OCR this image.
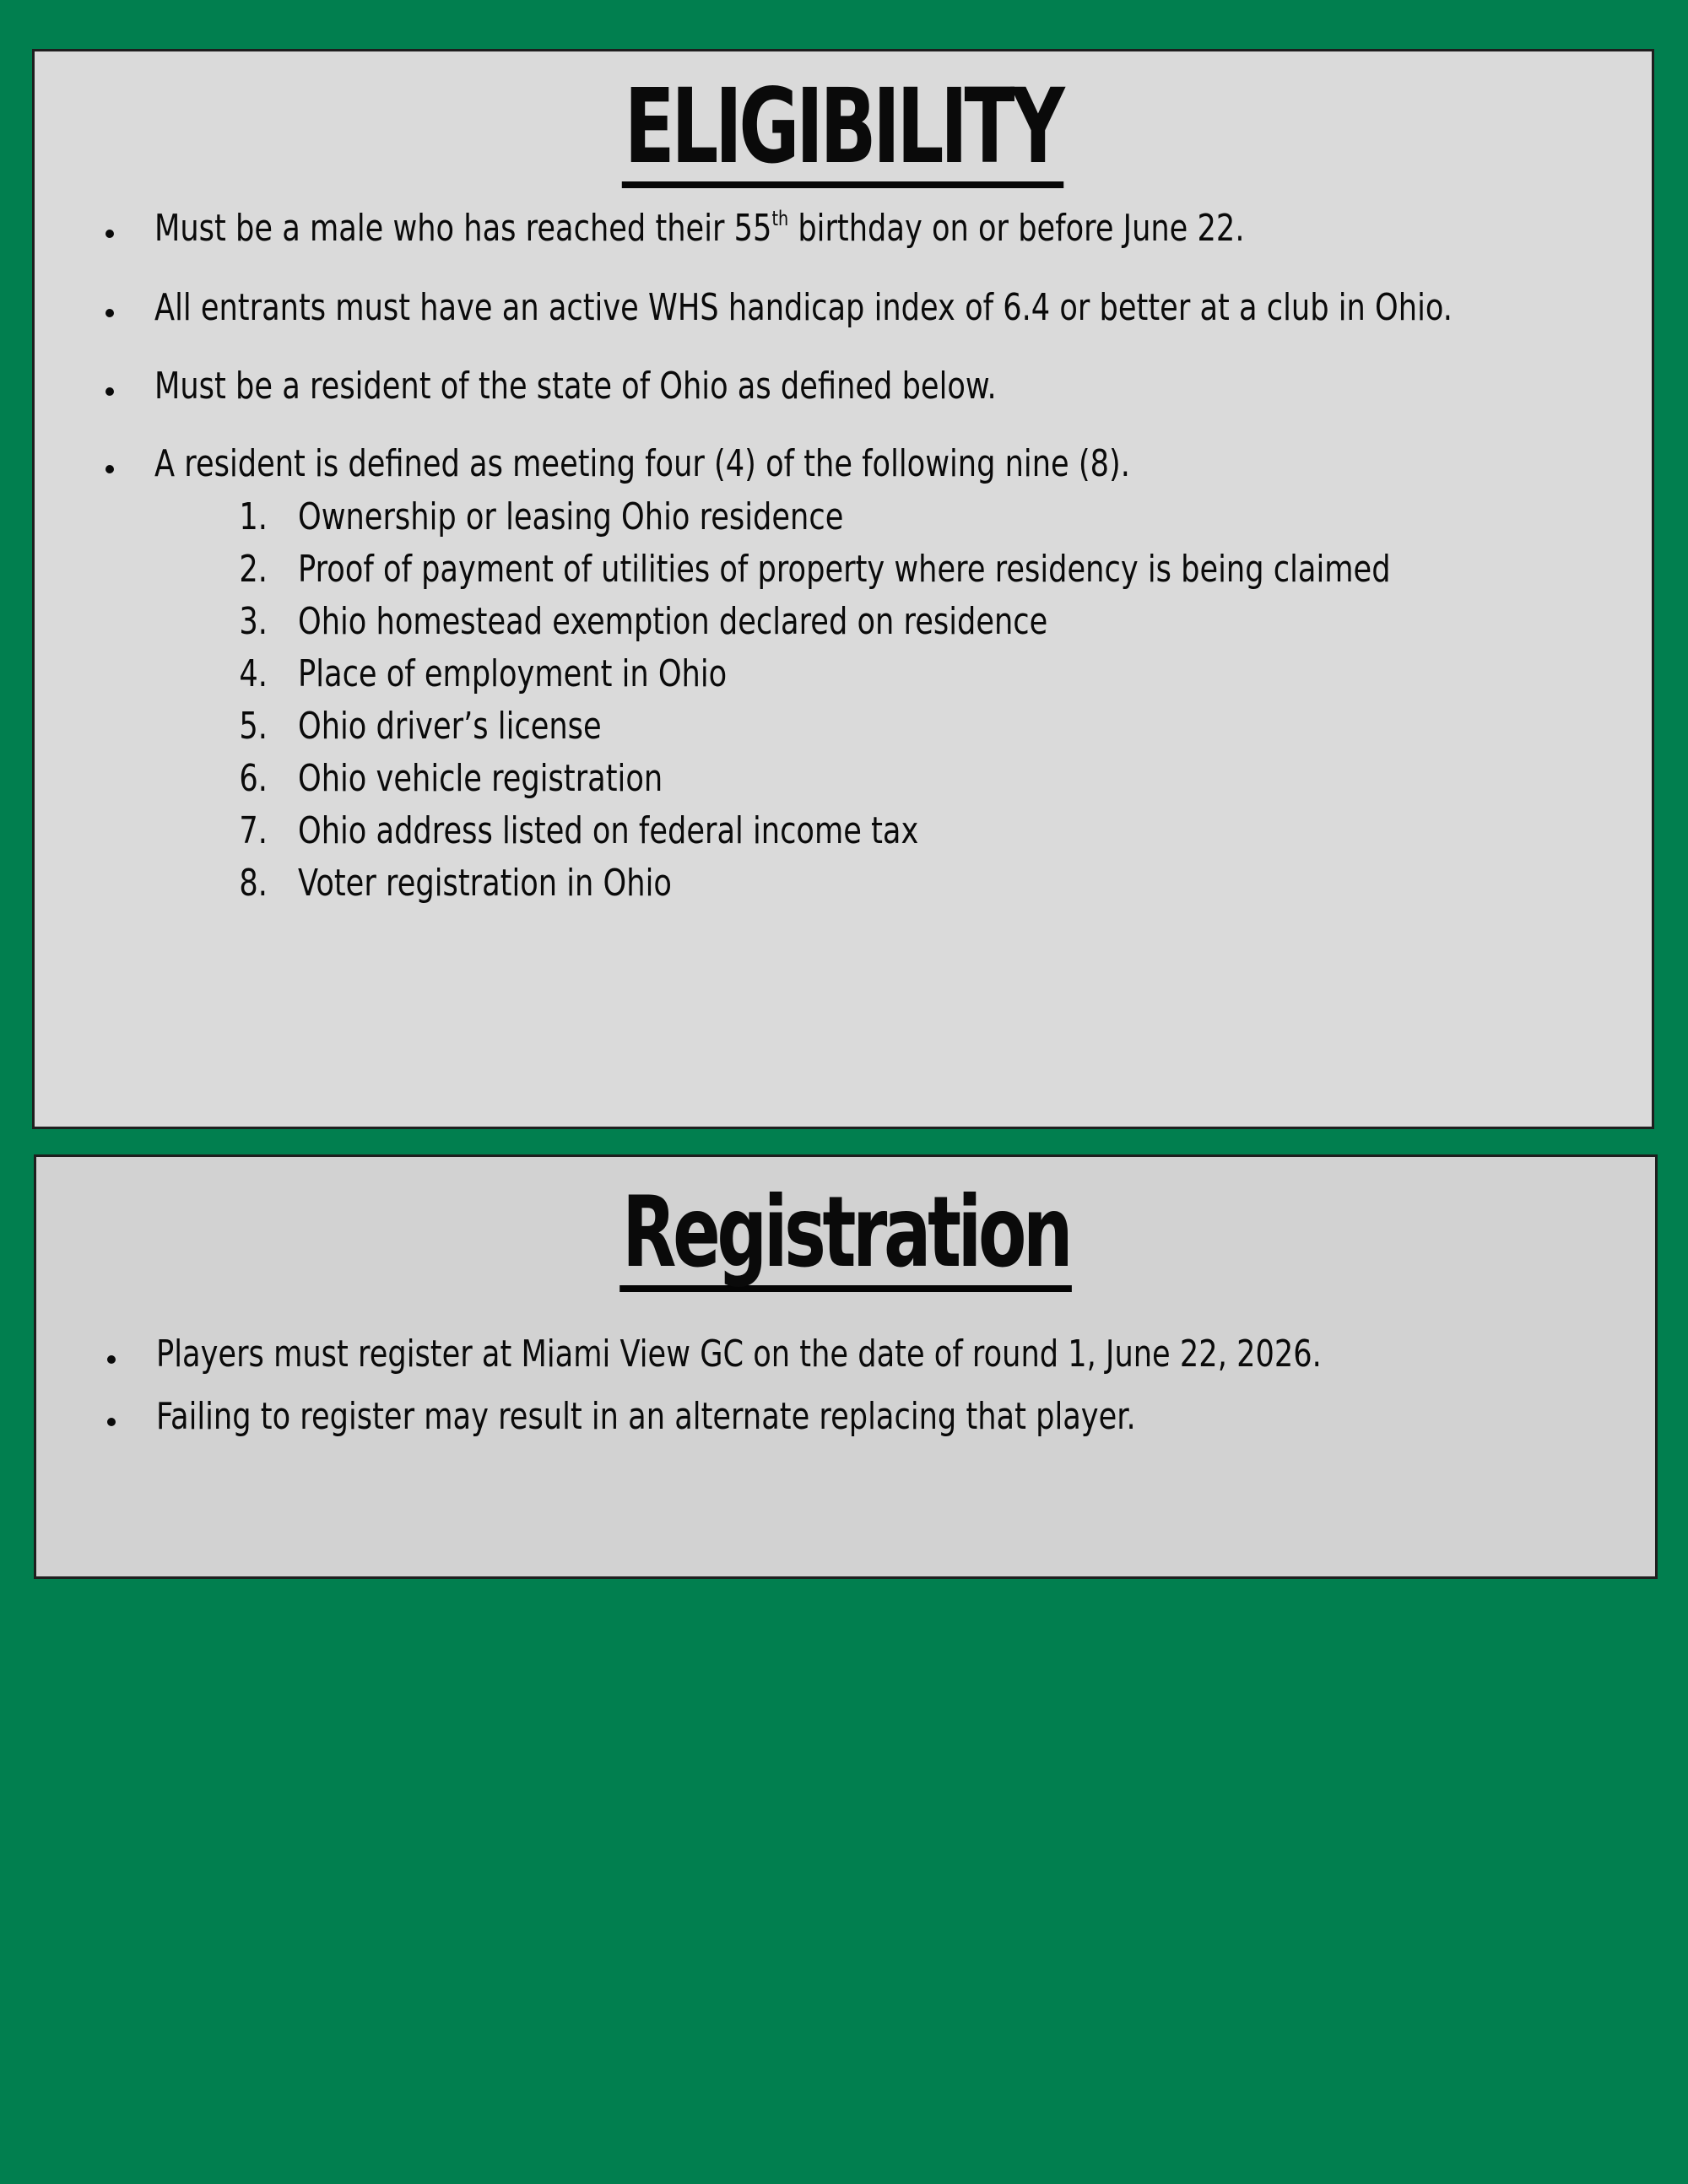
ELIGIBILITY
Must be a male who has reached their 55th birthday on or before June 22.
All entrants must have an active WHS handicap index of 6.4 or better at a club in Ohio.
Must be a resident of the state of Ohio as defined below.
A resident is defined as meeting four (4) of the following nine (8).
1. Ownership or leasing Ohio residence
2. Proof of payment of utilities of property where residency is being claimed
3. Ohio homestead exemption declared on residence
4. Place of employment in Ohio
5. Ohio driver’s license
6. Ohio vehicle registration
7. Ohio address listed on federal income tax
8. Voter registration in Ohio
Registration
Players must register at Miami View GC on the date of round 1, June 22, 2026.
Failing to register may result in an alternate replacing that player.
